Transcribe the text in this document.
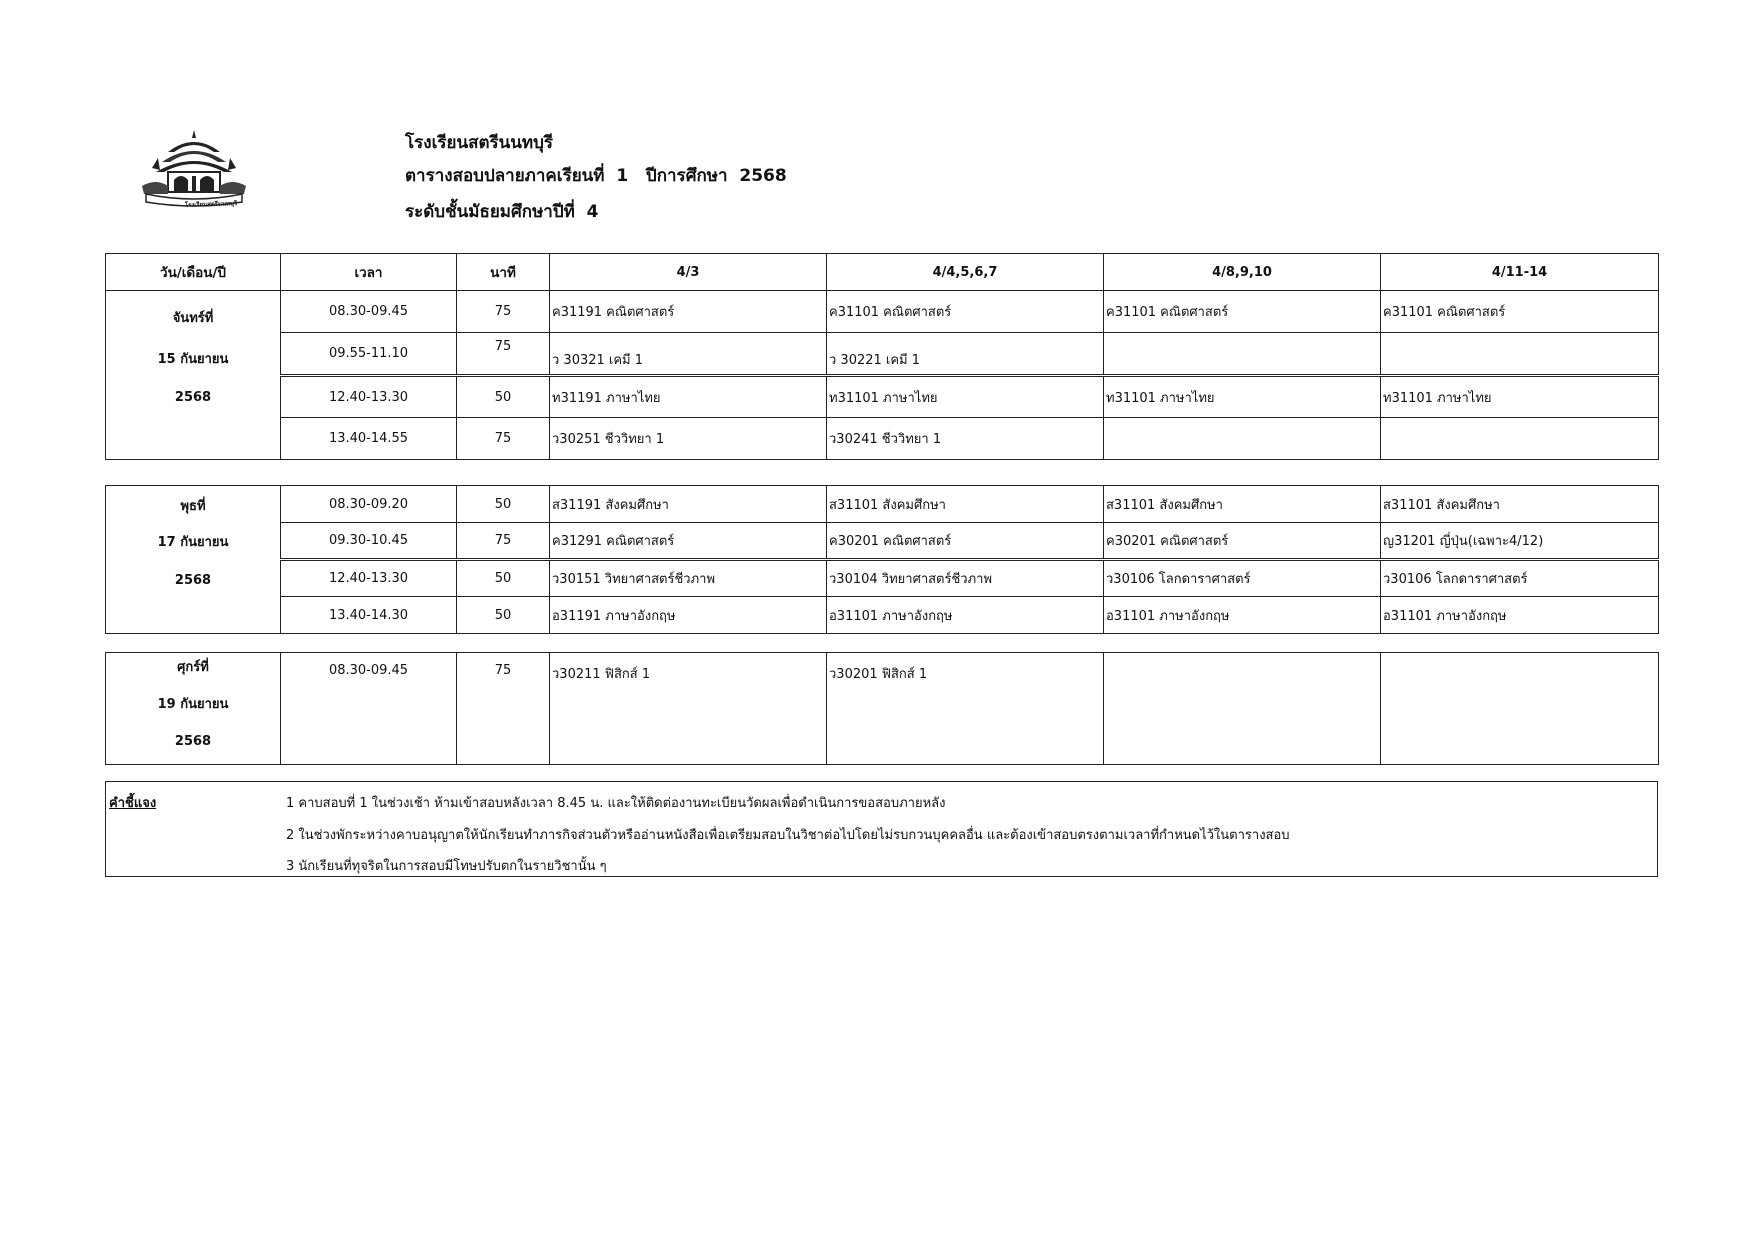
โรงเรียนสตรีนนทบุรี
โรงเรียนสตรีนนทบุรี
ตารางสอบปลายภาคเรียนที่  1   ปีการศึกษา  2568
ระดับชั้นมัธยมศึกษาปีที่  4
วัน/เดือน/ปี	เวลา	นาที	4/3	4/4,5,6,7	4/8,9,10	4/11-14

จันทร์ที่
15 กันยายน
2568	08.30-09.45	75	ค31191 คณิตศาสตร์	ค31101 คณิตศาสตร์	ค31101 คณิตศาสตร์	ค31101 คณิตศาสตร์
	09.55-11.10	75	ว 30321 เคมี 1	ว 30221 เคมี 1		
	12.40-13.30	50	ท31191 ภาษาไทย	ท31101 ภาษาไทย	ท31101 ภาษาไทย	ท31101 ภาษาไทย
	13.40-14.55	75	ว30251 ชีววิทยา 1	ว30241 ชีววิทยา 1		
พุธที่
17 กันยายน
2568	08.30-09.20	50	ส31191 สังคมศึกษา	ส31101 สังคมศึกษา	ส31101 สังคมศึกษา	ส31101 สังคมศึกษา
	09.30-10.45	75	ค31291 คณิตศาสตร์	ค30201 คณิตศาสตร์	ค30201 คณิตศาสตร์	ญ31201 ญี่ปุ่น(เฉพาะ4/12)
	12.40-13.30	50	ว30151 วิทยาศาสตร์ชีวภาพ	ว30104 วิทยาศาสตร์ชีวภาพ	ว30106 โลกดาราศาสตร์	ว30106 โลกดาราศาสตร์
	13.40-14.30	50	อ31191 ภาษาอังกฤษ	อ31101 ภาษาอังกฤษ	อ31101 ภาษาอังกฤษ	อ31101 ภาษาอังกฤษ
ศุกร์ที่
19 กันยายน
2568
	08.30-09.45	75	ว30211 ฟิสิกส์ 1	ว30201 ฟิสิกส์ 1		
คำชี้แจง	1 คาบสอบที่ 1 ในช่วงเช้า ห้ามเข้าสอบหลังเวลา 8.45 น. และให้ติดต่องานทะเบียนวัดผลเพื่อดำเนินการขอสอบภายหลัง
2 ในช่วงพักระหว่างคาบอนุญาตให้นักเรียนทำภารกิจส่วนตัวหรืออ่านหนังสือเพื่อเตรียมสอบในวิชาต่อไปโดยไม่รบกวนบุคคลอื่น และต้องเข้าสอบตรงตามเวลาที่กำหนดไว้ในตารางสอบ
3 นักเรียนที่ทุจริตในการสอบมีโทษปรับตกในรายวิชานั้น ๆ
